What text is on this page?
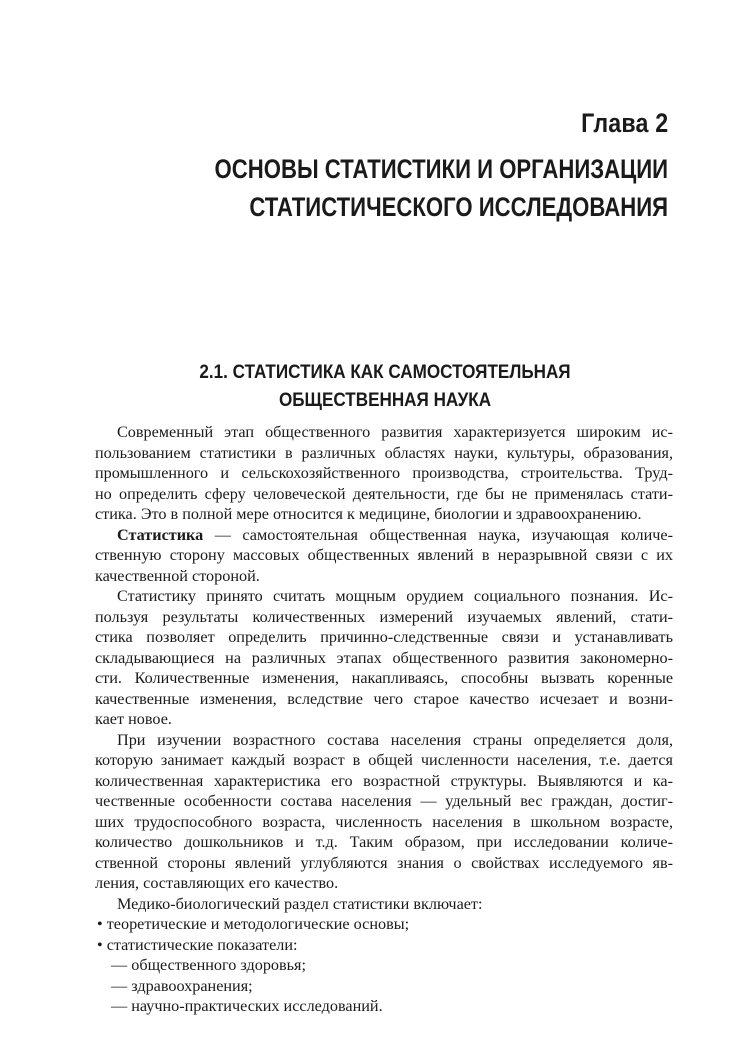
Глава 2
ОСНОВЫ СТАТИСТИКИ И ОРГАНИЗАЦИИ
СТАТИСТИЧЕСКОГО ИССЛЕДОВАНИЯ
2.1. СТАТИСТИКА КАК САМОСТОЯТЕЛЬНАЯ
ОБЩЕСТВЕННАЯ НАУКА
Современный этап общественного развития характеризуется широким ис-
пользованием статистики в различных областях науки, культуры, образования,
промышленного и сельскохозяйственного производства, строительства. Труд-
но определить сферу человеческой деятельности, где бы не применялась стати-
стика. Это в полной мере относится к медицине, биологии и здравоохранению.
Статистика — самостоятельная общественная наука, изучающая количе-
ственную сторону массовых общественных явлений в неразрывной связи с их
качественной стороной.
Статистику принято считать мощным орудием социального познания. Ис-
пользуя результаты количественных измерений изучаемых явлений, стати-
стика позволяет определить причинно-следственные связи и устанавливать
складывающиеся на различных этапах общественного развития закономерно-
сти. Количественные изменения, накапливаясь, способны вызвать коренные
качественные изменения, вследствие чего старое качество исчезает и возни-
кает новое.
При изучении возрастного состава населения страны определяется доля,
которую занимает каждый возраст в общей численности населения, т.е. дается
количественная характеристика его возрастной структуры. Выявляются и ка-
чественные особенности состава населения — удельный вес граждан, достиг-
ших трудоспособного возраста, численность населения в школьном возрасте,
количество дошкольников и т.д. Таким образом, при исследовании количе-
ственной стороны явлений углубляются знания о свойствах исследуемого яв-
ления, составляющих его качество.
Медико-биологический раздел статистики включает:
• теоретические и методологические основы;
• статистические показатели:
— общественного здоровья;
— здравоохранения;
— научно-практических исследований.
